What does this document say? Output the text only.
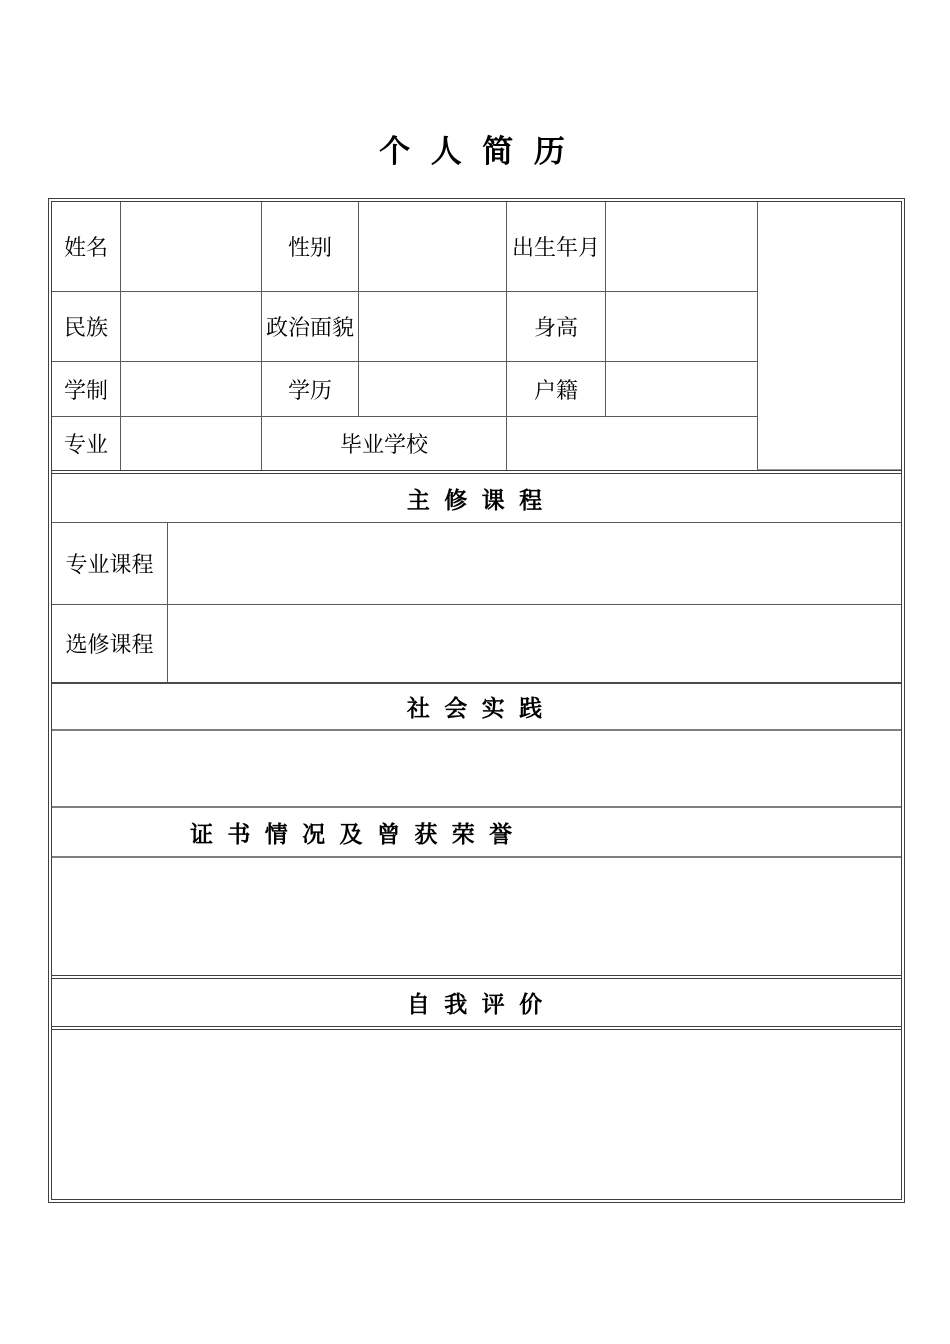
个 人 简 历
姓名	性别	出生年月
民族	政治面貌	身高
学制	学历	户籍
专业	毕业学校
主 修 课 程
专业课程
选修课程
社 会 实 践
证 书 情 况 及 曾 获 荣 誉
自 我 评 价
